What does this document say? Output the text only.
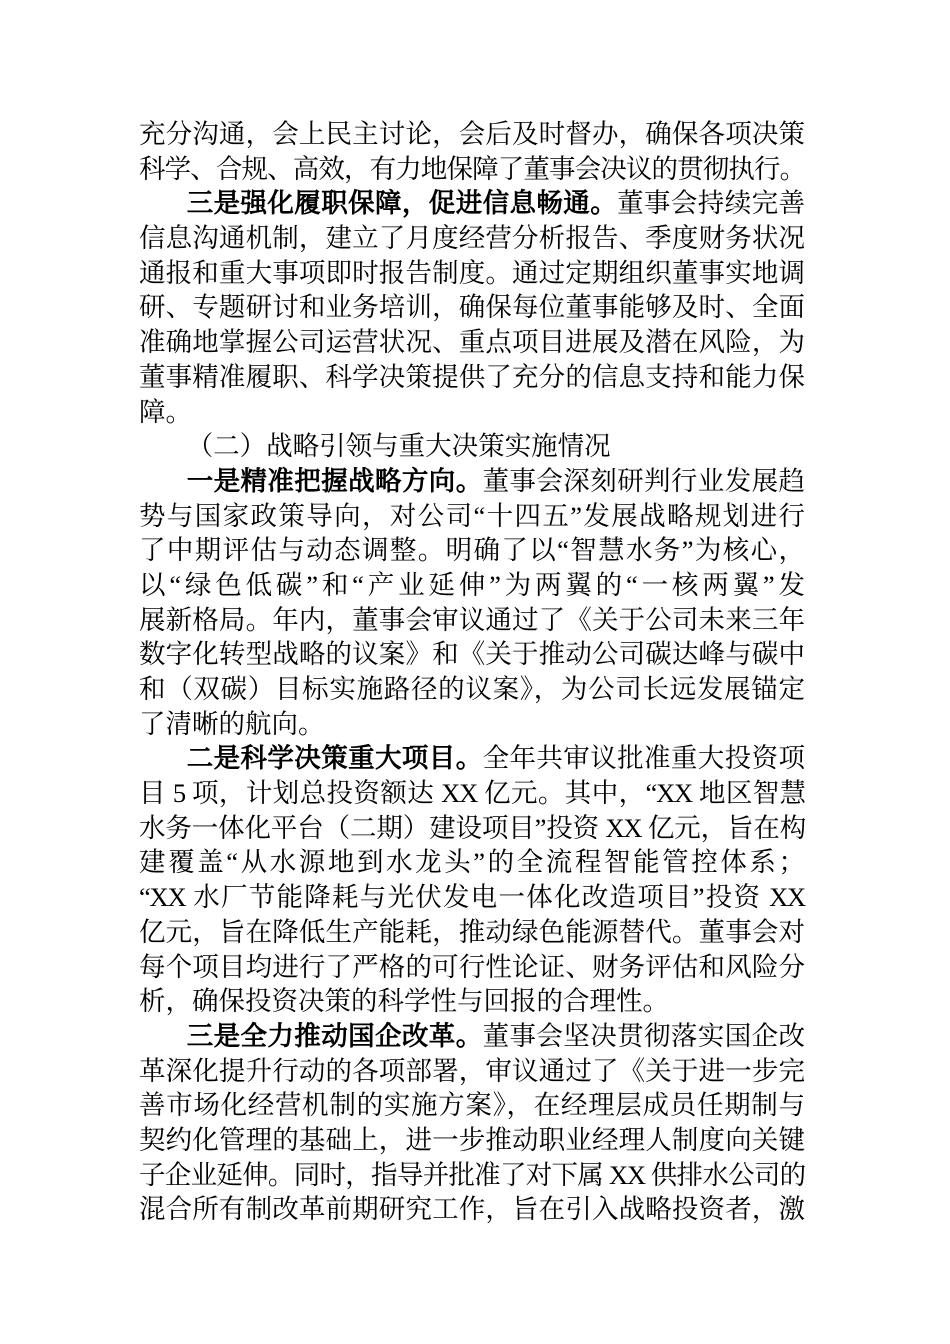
充分沟通，会上民主讨论，会后及时督办，确保各项决策
科学、合规、高效，有力地保障了董事会决议的贯彻执行。
三是强化履职保障，促进信息畅通。董事会持续完善
信息沟通机制，建立了月度经营分析报告、季度财务状况
通报和重大事项即时报告制度。通过定期组织董事实地调
研、专题研讨和业务培训，确保每位董事能够及时、全面
准确地掌握公司运营状况、重点项目进展及潜在风险，为
董事精准履职、科学决策提供了充分的信息支持和能力保
障。
（二）战略引领与重大决策实施情况
一是精准把握战略方向。董事会深刻研判行业发展趋
势与国家政策导向，对公司“十四五”发展战略规划进行
了中期评估与动态调整。明确了以“智慧水务”为核心，
以“绿色低碳”和“产业延伸”为两翼的“一核两翼”发
展新格局。年内，董事会审议通过了《关于公司未来三年
数字化转型战略的议案》和《关于推动公司碳达峰与碳中
和（双碳）目标实施路径的议案》，为公司长远发展锚定
了清晰的航向。
二是科学决策重大项目。全年共审议批准重大投资项
目 5 项，计划总投资额达 XX 亿元。其中，“XX 地区智慧
水务一体化平台（二期）建设项目”投资 XX 亿元，旨在构
建覆盖“从水源地到水龙头”的全流程智能管控体系；
“XX 水厂节能降耗与光伏发电一体化改造项目”投资 XX
亿元，旨在降低生产能耗，推动绿色能源替代。董事会对
每个项目均进行了严格的可行性论证、财务评估和风险分
析，确保投资决策的科学性与回报的合理性。
三是全力推动国企改革。董事会坚决贯彻落实国企改
革深化提升行动的各项部署，审议通过了《关于进一步完
善市场化经营机制的实施方案》，在经理层成员任期制与
契约化管理的基础上，进一步推动职业经理人制度向关键
子企业延伸。同时，指导并批准了对下属 XX 供排水公司的
混合所有制改革前期研究工作，旨在引入战略投资者，激
